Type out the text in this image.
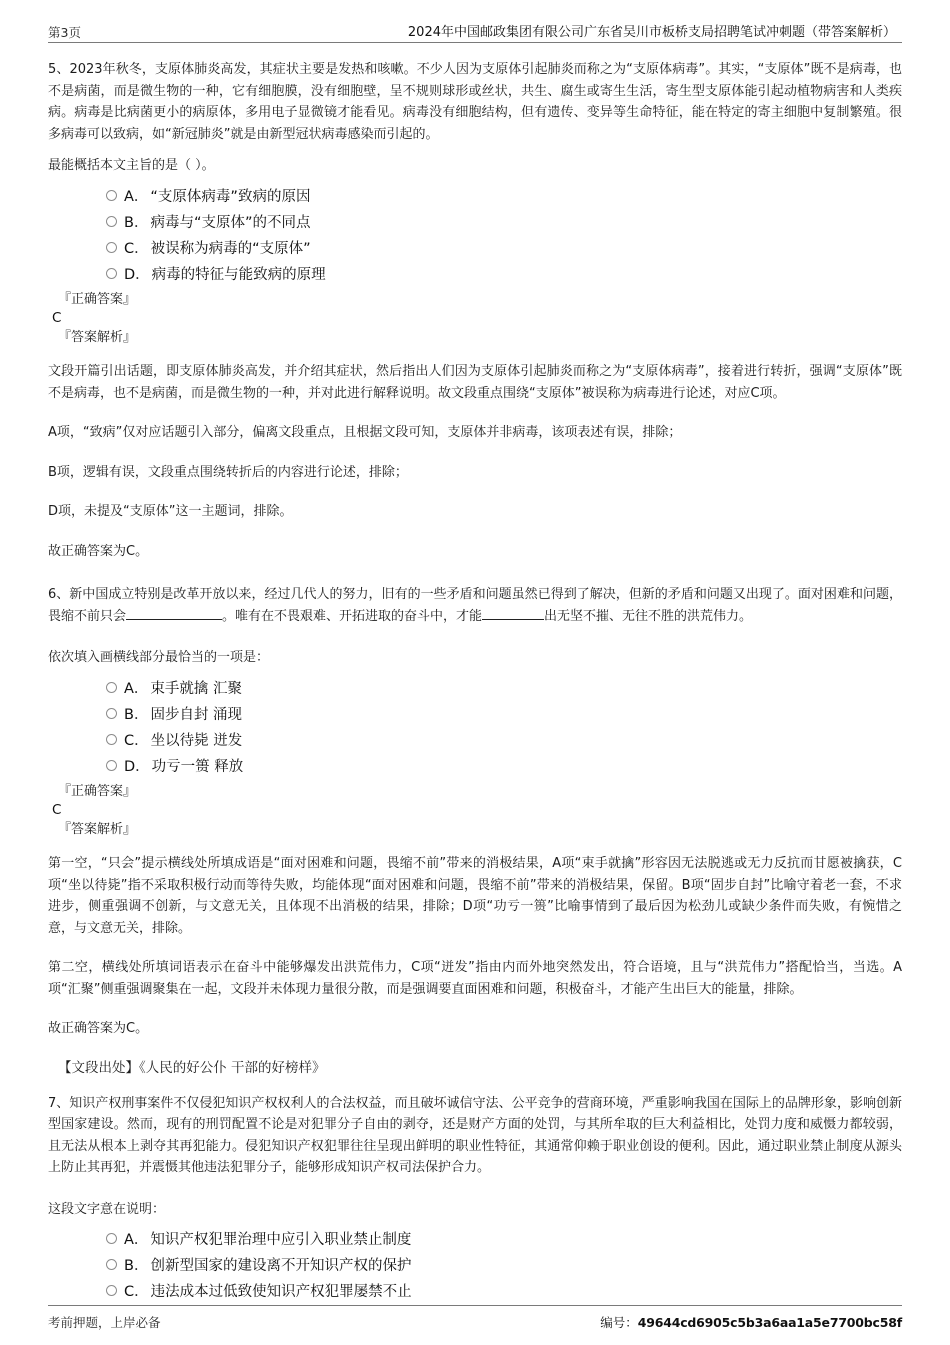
第3页	2024年中国邮政集团有限公司广东省吴川市板桥支局招聘笔试冲刺题（带答案解析）

5、2023年秋冬，支原体肺炎高发，其症状主要是发热和咳嗽。不少人因为支原体引起肺炎而称之为“支原体病毒”。其实，“支原体”既不是病毒，也不是病菌，而是微生物的一种，它有细胞膜，没有细胞壁，呈不规则球形或丝状，共生、腐生或寄生生活，寄生型支原体能引起动植物病害和人类疾病。病毒是比病菌更小的病原体，多用电子显微镜才能看见。病毒没有细胞结构，但有遗传、变异等生命特征，能在特定的寄主细胞中复制繁殖。很多病毒可以致病，如“新冠肺炎”就是由新型冠状病毒感染而引起的。

最能概括本文主旨的是（ ）。

A． “支原体病毒”致病的原因
B． 病毒与“支原体”的不同点
C． 被误称为病毒的“支原体”
D． 病毒的特征与能致病的原理

『正确答案』

C

『答案解析』

文段开篇引出话题，即支原体肺炎高发，并介绍其症状，然后指出人们因为支原体引起肺炎而称之为“支原体病毒”，接着进行转折，强调“支原体”既不是病毒，也不是病菌，而是微生物的一种，并对此进行解释说明。故文段重点围绕“支原体”被误称为病毒进行论述，对应C项。

A项，“致病”仅对应话题引入部分，偏离文段重点，且根据文段可知，支原体并非病毒，该项表述有误，排除；

B项，逻辑有误，文段重点围绕转折后的内容进行论述，排除；

D项，未提及“支原体”这一主题词，排除。

故正确答案为C。

6、新中国成立特别是改革开放以来，经过几代人的努力，旧有的一些矛盾和问题虽然已得到了解决，但新的矛盾和问题又出现了。面对困难和问题，畏缩不前只会	。唯有在不畏艰难、开拓进取的奋斗中，才能	出无坚不摧、无往不胜的洪荒伟力。

依次填入画横线部分最恰当的一项是：

A． 束手就擒 汇聚
B． 固步自封 涌现
C． 坐以待毙 迸发
D． 功亏一篑 释放

『正确答案』

C

『答案解析』

第一空，“只会”提示横线处所填成语是“面对困难和问题，畏缩不前”带来的消极结果，A项“束手就擒”形容因无法脱逃或无力反抗而甘愿被擒获，C项“坐以待毙”指不采取积极行动而等待失败，均能体现“面对困难和问题，畏缩不前”带来的消极结果，保留。B项“固步自封”比喻守着老一套，不求进步，侧重强调不创新，与文意无关，且体现不出消极的结果，排除；D项“功亏一篑”比喻事情到了最后因为松劲儿或缺少条件而失败，有惋惜之意，与文意无关，排除。

第二空，横线处所填词语表示在奋斗中能够爆发出洪荒伟力，C项“迸发”指由内而外地突然发出，符合语境，且与“洪荒伟力”搭配恰当，当选。A项“汇聚”侧重强调聚集在一起，文段并未体现力量很分散，而是强调要直面困难和问题，积极奋斗，才能产生出巨大的能量，排除。

故正确答案为C。

【文段出处】《人民的好公仆 干部的好榜样》

7、知识产权刑事案件不仅侵犯知识产权权利人的合法权益，而且破坏诚信守法、公平竞争的营商环境，严重影响我国在国际上的品牌形象，影响创新型国家建设。然而，现有的刑罚配置不论是对犯罪分子自由的剥夺，还是财产方面的处罚，与其所牟取的巨大利益相比，处罚力度和威慑力都较弱，且无法从根本上剥夺其再犯能力。侵犯知识产权犯罪往往呈现出鲜明的职业性特征，其通常仰赖于职业创设的便利。因此，通过职业禁止制度从源头上防止其再犯，并震慑其他违法犯罪分子，能够形成知识产权司法保护合力。

这段文字意在说明：

A． 知识产权犯罪治理中应引入职业禁止制度
B． 创新型国家的建设离不开知识产权的保护
C． 违法成本过低致使知识产权犯罪屡禁不止
考前押题，上岸必备	编号：49644cd6905c5b3a6aa1a5e7700bc58f
